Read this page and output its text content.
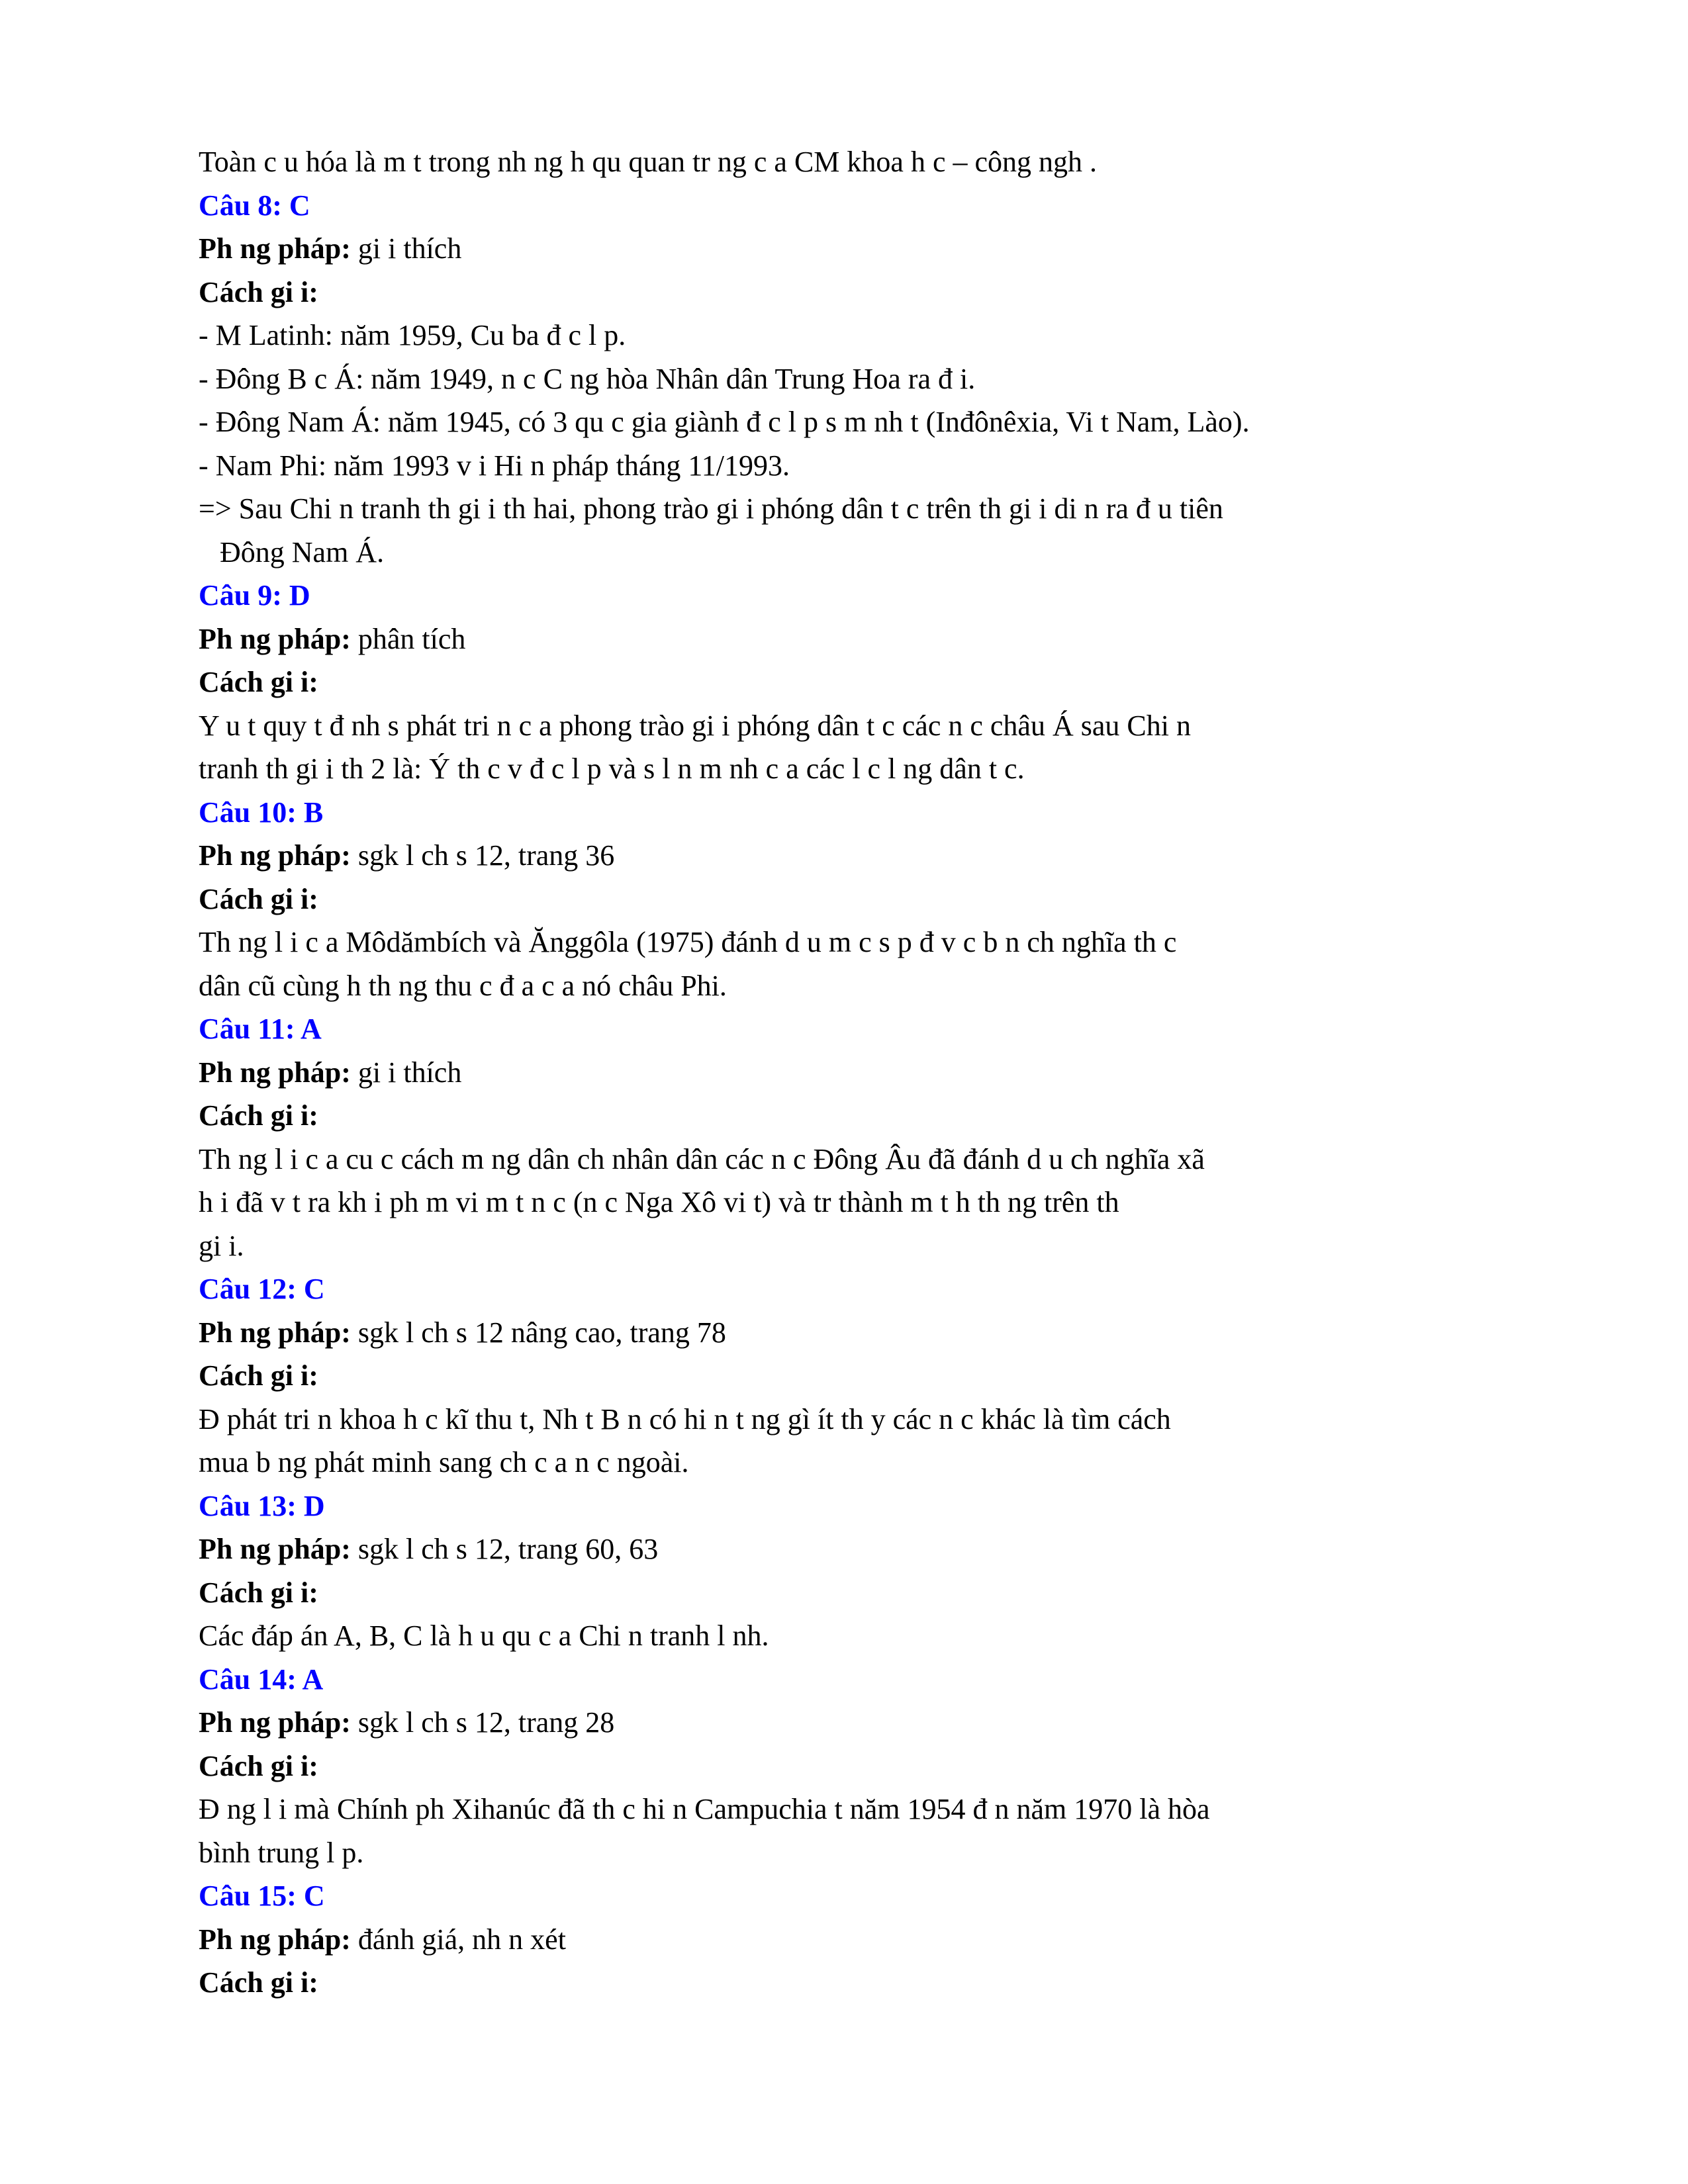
Toàn c u hóa là m t trong nh ng h qu quan tr ng c a CM khoa h c – công ngh .
Câu 8: C
Ph ng pháp: gi i thích
Cách gi i:
- M Latinh: năm 1959, Cu ba đ c l p.
- Đông B c Á: năm 1949, n c C ng hòa Nhân dân Trung Hoa ra đ i.
- Đông Nam Á: năm 1945, có 3 qu c gia giành đ c l p s m nh t (Inđônêxia, Vi t Nam, Lào).
- Nam Phi: năm 1993 v i Hi n pháp tháng 11/1993.
=> Sau Chi n tranh th gi i th hai, phong trào gi i phóng dân t c trên th gi i di n ra đ u tiên
Đông Nam Á.
Câu 9: D
Ph ng pháp: phân tích
Cách gi i:
Y u t quy t đ nh s phát tri n c a phong trào gi i phóng dân t c các n c châu Á sau Chi n
tranh th gi i th 2 là: Ý th c v đ c l p và s l n m nh c a các l c l ng dân t c.
Câu 10: B
Ph ng pháp: sgk l ch s 12, trang 36
Cách gi i:
Th ng l i c a Môdămbích và Ănggôla (1975) đánh d u m c s p đ v c b n ch nghĩa th c
dân cũ cùng h th ng thu c đ a c a nó châu Phi.
Câu 11: A
Ph ng pháp: gi i thích
Cách gi i:
Th ng l i c a cu c cách m ng dân ch nhân dân các n c Đông Âu đã đánh d u ch nghĩa xã
h i đã v t ra kh i ph m vi m t n c (n c Nga Xô vi t) và tr thành m t h th ng trên th
gi i.
Câu 12: C
Ph ng pháp: sgk l ch s 12 nâng cao, trang 78
Cách gi i:
Đ phát tri n khoa h c kĩ thu t, Nh t B n có hi n t ng gì ít th y các n c khác là tìm cách
mua b ng phát minh sang ch c a n c ngoài.
Câu 13: D
Ph ng pháp: sgk l ch s 12, trang 60, 63
Cách gi i:
Các đáp án A, B, C là h u qu c a Chi n tranh l nh.
Câu 14: A
Ph ng pháp: sgk l ch s 12, trang 28
Cách gi i:
Đ ng l i mà Chính ph Xihanúc đã th c hi n Campuchia t năm 1954 đ n năm 1970 là hòa
bình trung l p.
Câu 15: C
Ph ng pháp: đánh giá, nh n xét
Cách gi i:
